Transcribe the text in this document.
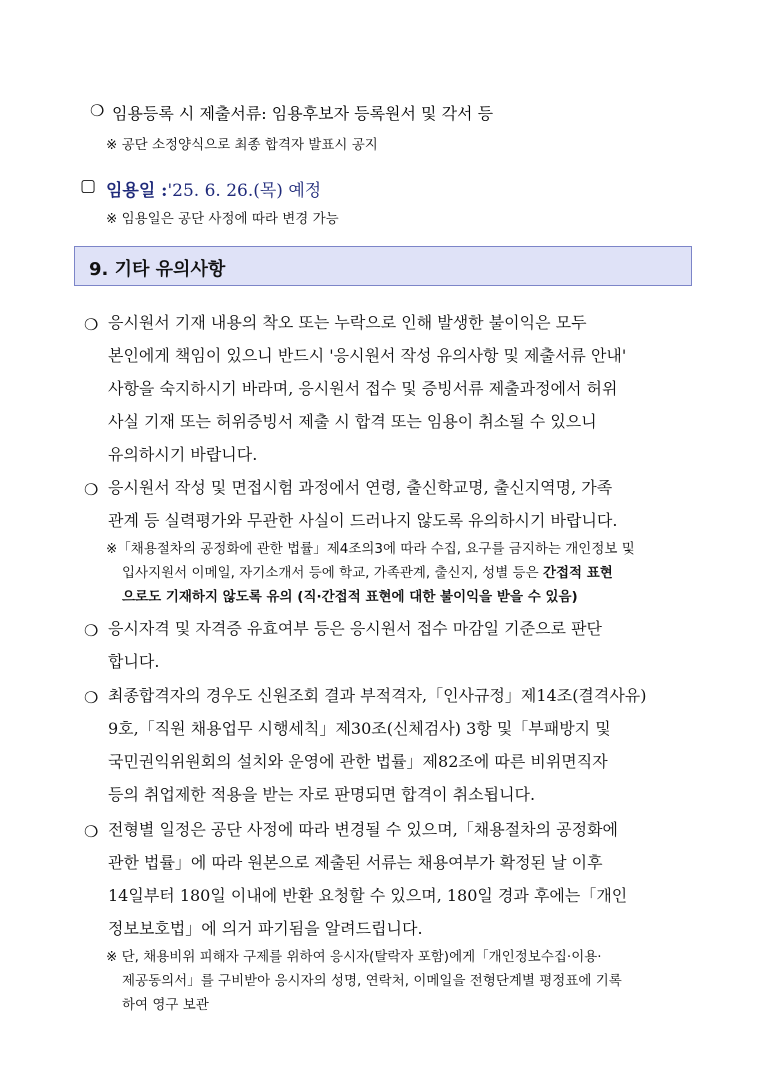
❍ 임용등록 시 제출서류: 임용후보자 등록원서 및 각서 등
※ 공단 소정양식으로 최종 합격자 발표시 공지
▢ 임용일 : '25. 6. 26.(목) 예정
※ 임용일은 공단 사정에 따라 변경 가능
9. 기타 유의사항
❍ 응시원서 기재 내용의 착오 또는 누락으로 인해 발생한 불이익은 모두
본인에게 책임이 있으니 반드시 '응시원서 작성 유의사항 및 제출서류 안내'
사항을 숙지하시기 바라며, 응시원서 접수 및 증빙서류 제출과정에서 허위
사실 기재 또는 허위증빙서 제출 시 합격 또는 임용이 취소될 수 있으니
유의하시기 바랍니다.
❍ 응시원서 작성 및 면접시험 과정에서 연령, 출신학교명, 출신지역명, 가족
관계 등 실력평가와 무관한 사실이 드러나지 않도록 유의하시기 바랍니다.
※「채용절차의 공정화에 관한 법률」제4조의3에 따라 수집, 요구를 금지하는 개인정보 및
입사지원서 이메일, 자기소개서 등에 학교, 가족관계, 출신지, 성별 등은 간접적 표현
으로도 기재하지 않도록 유의 (직·간접적 표현에 대한 불이익을 받을 수 있음)
❍ 응시자격 및 자격증 유효여부 등은 응시원서 접수 마감일 기준으로 판단
합니다.
❍ 최종합격자의 경우도 신원조회 결과 부적격자,「인사규정」제14조(결격사유)
9호,「직원 채용업무 시행세칙」제30조(신체검사) 3항 및「부패방지 및
국민권익위원회의 설치와 운영에 관한 법률」제82조에 따른 비위면직자
등의 취업제한 적용을 받는 자로 판명되면 합격이 취소됩니다.
❍ 전형별 일정은 공단 사정에 따라 변경될 수 있으며,「채용절차의 공정화에
관한 법률」에 따라 원본으로 제출된 서류는 채용여부가 확정된 날 이후
14일부터 180일 이내에 반환 요청할 수 있으며, 180일 경과 후에는「개인
정보보호법」에 의거 파기됨을 알려드립니다.
※ 단, 채용비위 피해자 구제를 위하여 응시자(탈락자 포함)에게「개인정보수집·이용·
제공동의서」를 구비받아 응시자의 성명, 연락처, 이메일을 전형단계별 평정표에 기록
하여 영구 보관
